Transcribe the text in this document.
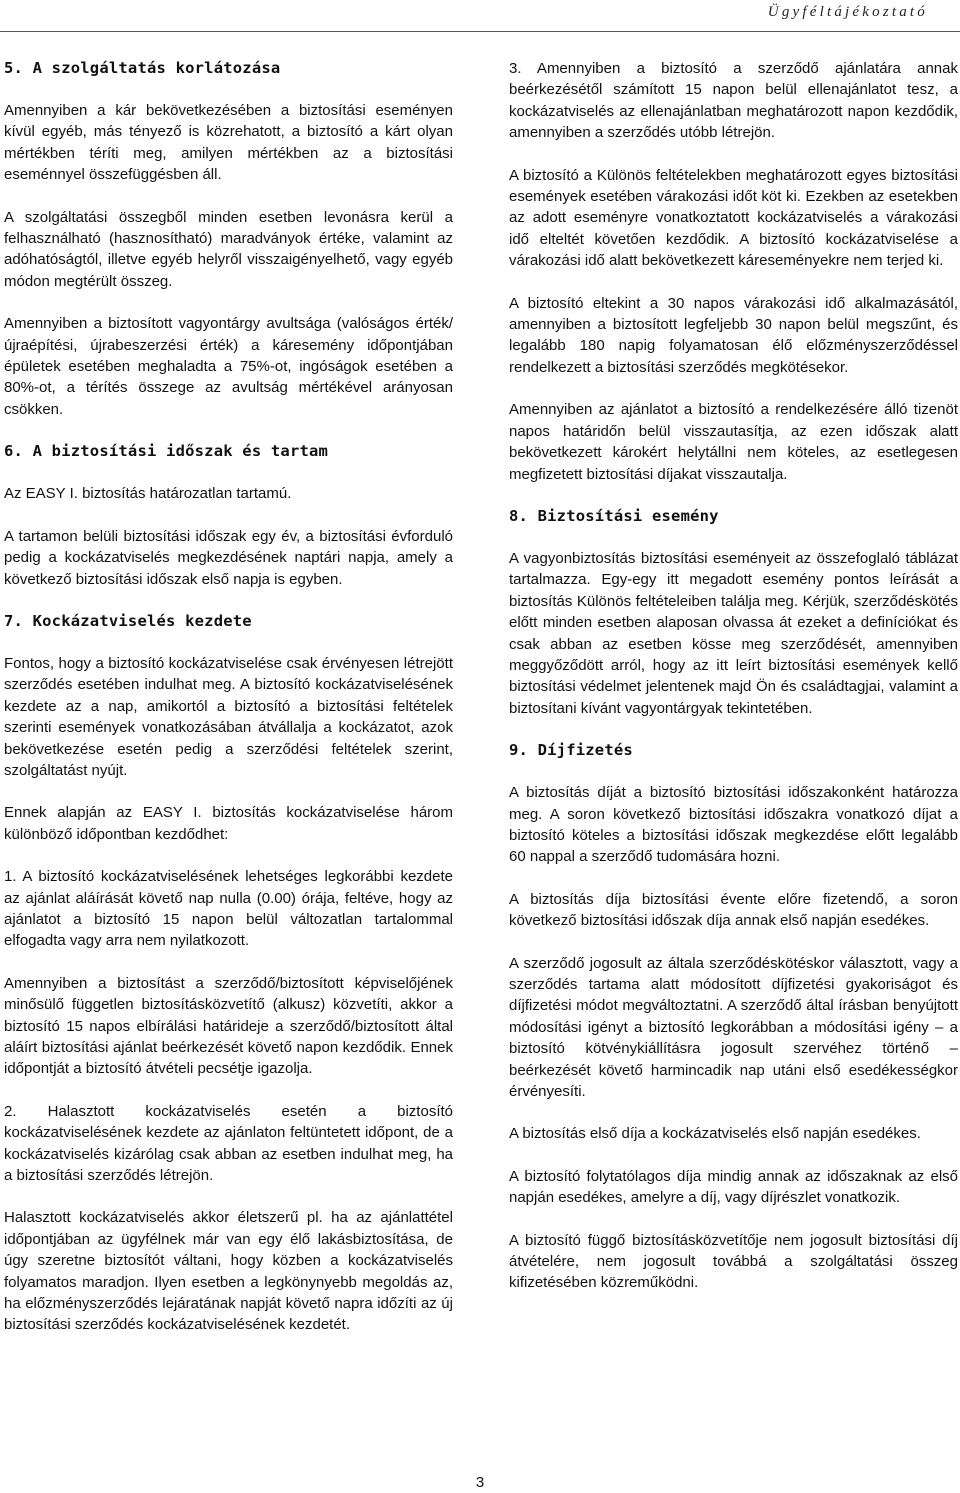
Ügyféltájékoztató
5. A szolgáltatás korlátozása

Amennyiben a kár bekövetkezésében a biztosítási eseményen kívül egyéb, más tényező is közrehatott, a biztosító a kárt olyan mértékben téríti meg, amilyen mértékben az a biztosítási eseménnyel összefüggésben áll.

A szolgáltatási összegből minden esetben levonásra kerül a felhasználható (hasznosítható) maradványok értéke, valamint az adóhatóságtól, illetve egyéb helyről visszaigényelhető, vagy egyéb módon megtérült összeg.

Amennyiben a biztosított vagyontárgy avultsága (valóságos érték/újraépítési, újrabeszerzési érték) a káresemény időpontjában épületek esetében meghaladta a 75%-ot, ingóságok esetében a 80%-ot, a térítés összege az avultság mértékével arányosan csökken.

6. A biztosítási időszak és tartam

Az EASY I. biztosítás határozatlan tartamú.

A tartamon belüli biztosítási időszak egy év, a biztosítási évforduló pedig a kockázatviselés megkezdésének naptári napja, amely a következő biztosítási időszak első napja is egyben.

7. Kockázatviselés kezdete

Fontos, hogy a biztosító kockázatviselése csak érvényesen létrejött szerződés esetében indulhat meg. A biztosító kockázatviselésének kezdete az a nap, amikortól a biztosító a biztosítási feltételek szerinti események vonatkozásában átvállalja a kockázatot, azok bekövetkezése esetén pedig a szerződési feltételek szerint, szolgáltatást nyújt.

Ennek alapján az EASY I. biztosítás kockázatviselése három különböző időpontban kezdődhet:

1. A biztosító kockázatviselésének lehetséges legkorábbi kezdete az ajánlat aláírását követő nap nulla (0.00) órája, feltéve, hogy az ajánlatot a biztosító 15 napon belül változatlan tartalommal elfogadta vagy arra nem nyilatkozott.

Amennyiben a biztosítást a szerződő/biztosított képviselőjének minősülő független biztosításközvetítő (alkusz) közvetíti, akkor a biztosító 15 napos elbírálási határideje a szerződő/biztosított által aláírt biztosítási ajánlat beérkezését követő napon kezdődik. Ennek időpontját a biztosító átvételi pecsétje igazolja.

2. Halasztott kockázatviselés esetén a biztosító kockázatviselésének kezdete az ajánlaton feltüntetett időpont, de a kockázatviselés kizárólag csak abban az esetben indulhat meg, ha a biztosítási szerződés létrejön.

Halasztott kockázatviselés akkor életszerű pl. ha az ajánlattétel időpontjában az ügyfélnek már van egy élő lakásbiztosítása, de úgy szeretne biztosítót váltani, hogy közben a kockázatviselés folyamatos maradjon. Ilyen esetben a legkönynyebb megoldás az, ha előzményszerződés lejáratának napját követő napra időzíti az új biztosítási szerződés kockázatviselésének kezdetét.

3. Amennyiben a biztosító a szerződő ajánlatára annak beérkezésétől számított 15 napon belül ellenajánlatot tesz, a kockázatviselés az ellenajánlatban meghatározott napon kezdődik, amennyiben a szerződés utóbb létrejön.

A biztosító a Különös feltételekben meghatározott egyes biztosítási események esetében várakozási időt köt ki. Ezekben az esetekben az adott eseményre vonatkoztatott kockázatviselés a várakozási idő elteltét követően kezdődik. A biztosító kockázatviselése a várakozási idő alatt bekövetkezett káreseményekre nem terjed ki.

A biztosító eltekint a 30 napos várakozási idő alkalmazásától, amennyiben a biztosított legfeljebb 30 napon belül megszűnt, és legalább 180 napig folyamatosan élő előzményszerződéssel rendelkezett a biztosítási szerződés megkötésekor.

Amennyiben az ajánlatot a biztosító a rendelkezésére álló tizenöt napos határidőn belül visszautasítja, az ezen időszak alatt bekövetkezett károkért helytállni nem köteles, az esetlegesen megfizetett biztosítási díjakat visszautalja.

8. Biztosítási esemény

A vagyonbiztosítás biztosítási eseményeit az összefoglaló táblázat tartalmazza. Egy-egy itt megadott esemény pontos leírását a biztosítás Különös feltételeiben találja meg. Kérjük, szerződéskötés előtt minden esetben alaposan olvassa át ezeket a definíciókat és csak abban az esetben kösse meg szerződését, amennyiben meggyőződött arról, hogy az itt leírt biztosítási események kellő biztosítási védelmet jelentenek majd Ön és családtagjai, valamint a biztosítani kívánt vagyontárgyak tekintetében.

9. Díjfizetés

A biztosítás díját a biztosító biztosítási időszakonként határozza meg. A soron következő biztosítási időszakra vonatkozó díjat a biztosító köteles a biztosítási időszak megkezdése előtt legalább 60 nappal a szerződő tudomására hozni.

A biztosítás díja biztosítási évente előre fizetendő, a soron következő biztosítási időszak díja annak első napján esedékes.

A szerződő jogosult az általa szerződéskötéskor választott, vagy a szerződés tartama alatt módosított díjfizetési gyakoriságot és díjfizetési módot megváltoztatni. A szerződő által írásban benyújtott módosítási igényt a biztosító legkorábban a módosítási igény – a biztosító kötvénykiállításra jogosult szervéhez történő – beérkezését követő harmincadik nap utáni első esedékességkor érvényesíti.

A biztosítás első díja a kockázatviselés első napján esedékes.

A biztosító folytatólagos díja mindig annak az időszaknak az első napján esedékes, amelyre a díj, vagy díjrészlet vonatkozik.

A biztosító függő biztosításközvetítője nem jogosult biztosítási díj átvételére, nem jogosult továbbá a szolgáltatási összeg kifizetésében közreműködni.

3
